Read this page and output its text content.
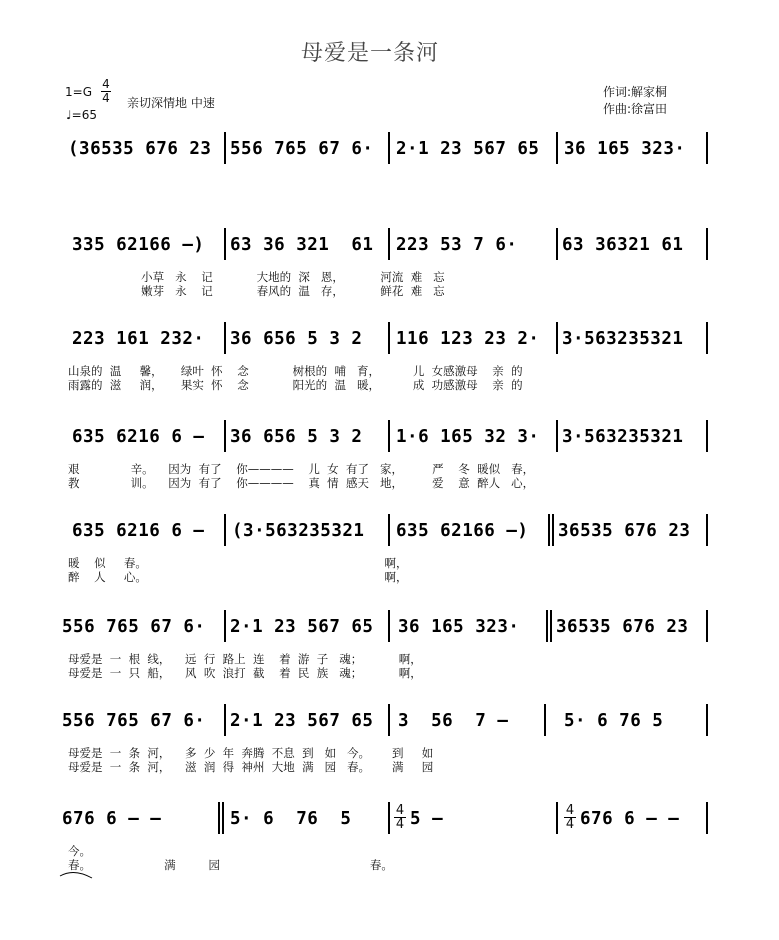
母爱是一条河
1=G
4
4
♩=65
亲切深情地 中速
作词:解家桐
作曲:徐富田
(36535 676 23 556 765 67 6· 2·1 23 567 65 36 165 323·
335 62166 –) 63 36 321  61 223 53 7 6·	63 36321 61
小草   永    记            大地的  深   恩，          河流  难   忘
嫩芽   永    记            春风的  温   存，          鲜花  难   忘
223 161 232· 36 656 5 3 2 116 123 23 2· 3·563235321
山泉的  温     馨，     绿叶  怀    念            树根的  哺   育，         儿  女感激母    亲  的
雨露的  滋     润，     果实  怀    念            阳光的  温   暖，         成  功感激母    亲  的
635 6216 6 – 36 656 5 3 2 1·6 165 32 3· 3·563235321
艰              辛。    因为  有了    你————    儿  女  有了   家，        严    冬  暖似   春，
教              训。    因为  有了    你————    真  情  感天   地，        爱    意  醉人   心，
635 6216 6 – (3·563235321 635 62166 –) 36535 676 23
暖    似     春。                                                                 啊，
醉    人     心。                                                                 啊，
556 765 67 6· 2·1 23 567 65 36 165 323· 36535 676 23
母爱是  一  根  线，    远  行  路上  连    着  游  子   魂；          啊，
母爱是  一  只  船，    风  吹  浪打  截    着  民  族   魂；          啊，
556 765 67 6· 2·1 23 567 65 3  56  7 –	5· 6 76 5
母爱是  一  条  河，    多  少  年  奔腾  不息  到   如   今。      到     如
母爱是  一  条  河，    滋  润  得  神州  大地  满   园   春。      满     园
676 6 – –	5· 6  76  5	4
4 5 –	4
4 676 6 – –
今。
春。                    满         园                                         春。
